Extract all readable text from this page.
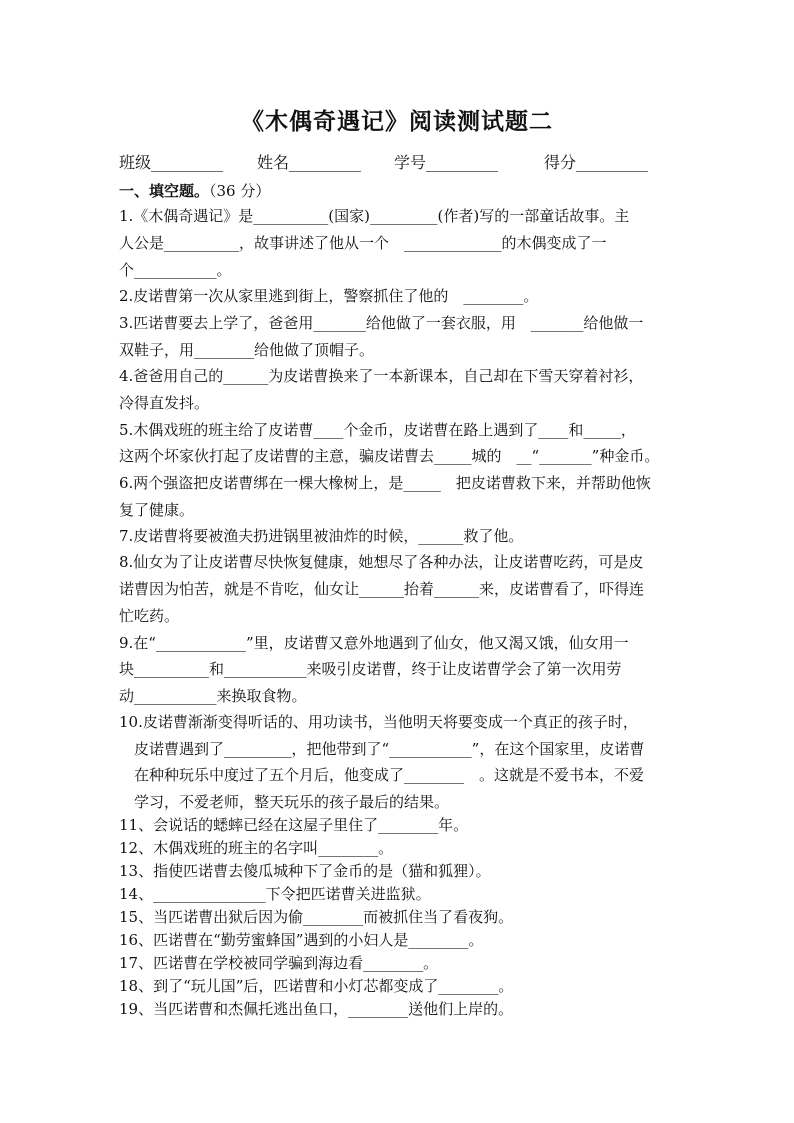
《木偶奇遇记》阅读测试题二
班级_________ 姓名_________ 学号_________	得分_________
一、填空题。（36 分）
1.《木偶奇遇记》是__________(国家)_________(作者)写的一部童话故事。主
人公是__________，故事讲述了他从一个　_____________的木偶变成了一
个___________。
2.皮诺曹第一次从家里逃到街上，警察抓住了他的　________。
3.匹诺曹要去上学了，爸爸用_______给他做了一套衣服，用　_______给他做一
双鞋子，用________给他做了顶帽子。
4.爸爸用自己的______为皮诺曹换来了一本新课本，自己却在下雪天穿着衬衫，
冷得直发抖。
5.木偶戏班的班主给了皮诺曹____个金币，皮诺曹在路上遇到了____和_____，
这两个坏家伙打起了皮诺曹的主意，骗皮诺曹去_____城的　__“_______”种金币。
6.两个强盗把皮诺曹绑在一棵大橡树上，是_____　把皮诺曹救下来，并帮助他恢
复了健康。
7.皮诺曹将要被渔夫扔进锅里被油炸的时候，______救了他。
8.仙女为了让皮诺曹尽快恢复健康，她想尽了各种办法，让皮诺曹吃药，可是皮
诺曹因为怕苦，就是不肯吃，仙女让______抬着______来，皮诺曹看了，吓得连
忙吃药。
9.在“____________”里，皮诺曹又意外地遇到了仙女，他又渴又饿，仙女用一
块__________和___________来吸引皮诺曹，终于让皮诺曹学会了第一次用劳
动___________来换取食物。
10.皮诺曹渐渐变得听话的、用功读书，当他明天将要变成一个真正的孩子时，
　皮诺曹遇到了_________，把他带到了“___________”，在这个国家里，皮诺曹
　在种种玩乐中度过了五个月后，他变成了________　。这就是不爱书本，不爱
　学习，不爱老师，整天玩乐的孩子最后的结果。
11、会说话的蟋蟀已经在这屋子里住了________年。
12、木偶戏班的班主的名字叫________。
13、指使匹诺曹去傻瓜城种下了金币的是（猫和狐狸）。
14、_______________下令把匹诺曹关进监狱。
15、当匹诺曹出狱后因为偷________而被抓住当了看夜狗。
16、匹诺曹在“勤劳蜜蜂国”遇到的小妇人是________。
17、匹诺曹在学校被同学骗到海边看________。
18、到了“玩儿国”后，匹诺曹和小灯芯都变成了________。
19、当匹诺曹和杰佩托逃出鱼口，________送他们上岸的。
